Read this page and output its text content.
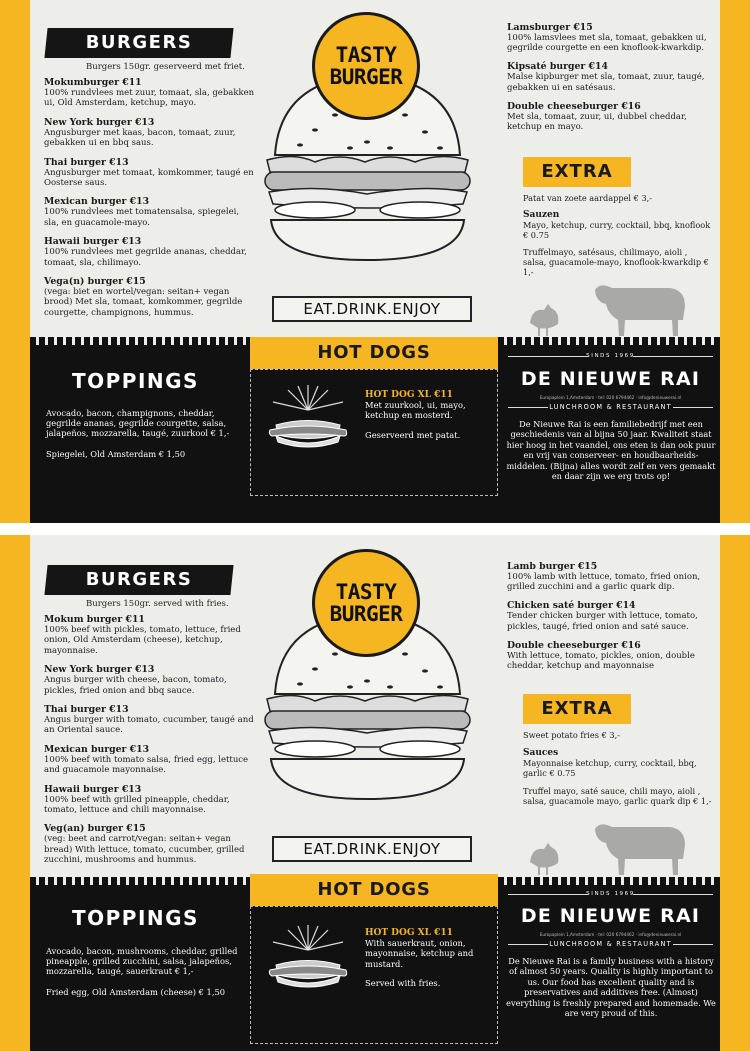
BURGERS
Burgers 150gr. geserveerd met friet.
Mokumburger €11

100% rundvlees met zuur, tomaat, sla, gebakken ui, Old Amsterdam, ketchup, mayo.

New York burger €13

Angusburger met kaas, bacon, tomaat, zuur, gebakken ui en bbq saus.

Thai burger €13

Angusburger met tomaat, komkommer, taugé en Oosterse saus.

Mexican burger €13

100% rundvlees met tomatensalsa, spiegelei, sla, en guacamole-mayo.

Hawaii burger €13

100% rundvlees met gegrilde ananas, cheddar, tomaat, sla, chilimayo.

Vega(n) burger €15

(vega: biet en wortel/vegan: seitan+ vegan brood) Met sla, tomaat, komkommer, gegrilde courgette, champignons, hummus.

TASTY
BURGER
EAT.DRINK.ENJOY
Lamsburger €15

100% lamsvlees met sla, tomaat, gebakken ui, gegrilde courgette en een knoflook-kwarkdip.

Kipsaté burger €14

Malse kipburger met sla, tomaat, zuur, taugé, gebakken ui en satésaus.

Double cheeseburger €16

Met sla, tomaat, zuur, ui, dubbel cheddar, ketchup en mayo.

EXTRA

Patat van zoete aardappel € 3,-

Sauzen

Mayo, ketchup, curry, cocktail, bbq, knoflook € 0.75

Truffelmayo, satésaus, chilimayo, aioli , salsa, guacamole-mayo, knoflook-kwarkdip € 1,-

HOT DOGS
HOT DOG XL €11

Met zuurkool, ui, mayo, ketchup en mosterd.

Geserveerd met patat.

TOPPINGS

Avocado, bacon, champignons, cheddar, gegrilde ananas, gegrilde courgette, salsa, jalapeños, mozzarella, taugé, zuurkool € 1,-

Spiegelei, Old Amsterdam € 1,50

SINDS 1969
DE NIEUWE RAI
Europaplein 1,Amsterdam · tel: 020 6794462 · info@denieuwerai.nl
LUNCHROOM & RESTAURANT
De Nieuwe Rai is een familiebedrijf met een geschiedenis van al bijna 50 jaar. Kwaliteit staat hier hoog in het vaandel, ons eten is dan ook puur en vrij van conserveer- en houdbaarheids-middelen. (Bijna) alles wordt zelf en vers gemaakt en daar zijn we erg trots op!
BURGERS
Burgers 150gr. served with fries.
Mokum burger €11

100% beef with pickles, tomato, lettuce, fried onion, Old Amsterdam (cheese), ketchup, mayonnaise.

New York burger €13

Angus burger with cheese, bacon, tomato, pickles, fried onion and bbq sauce.

Thai burger €13

Angus burger with tomato, cucumber, taugé and an Oriental sauce.

Mexican burger €13

100% beef with tomato salsa, fried egg, lettuce and guacamole mayonnaise.

Hawaii burger €13

100% beef with grilled pineapple, cheddar, tomato, lettuce and chili mayonnaise.

Veg(an) burger €15

(veg: beet and carrot/vegan: seitan+ vegan bread) With lettuce, tomato, cucumber, grilled zucchini, mushrooms and hummus.

TASTY
BURGER
EAT.DRINK.ENJOY
Lamb burger €15

100% lamb with lettuce, tomato, fried onion, grilled zucchini and a garlic quark dip.

Chicken saté burger €14

Tender chicken burger with lettuce, tomato, pickles, taugé, fried onion and saté sauce.

Double cheeseburger €16

With lettuce, tomato, pickles, onion, double cheddar, ketchup and mayonnaise

EXTRA

Sweet potato fries € 3,-

Sauces

Mayonnaise ketchup, curry, cocktail, bbq, garlic € 0.75

Truffel mayo, saté sauce, chili mayo, aioli , salsa, guacamole mayo, garlic quark dip € 1,-

HOT DOGS
HOT DOG XL €11

With sauerkraut, onion, mayonnaise, ketchup and mustard.

Served with fries.

TOPPINGS

Avocado, bacon, mushrooms, cheddar, grilled pineapple, grilled zucchini, salsa, jalapeños, mozzarella, taugé, sauerkraut € 1,-

Fried egg, Old Amsterdam (cheese) € 1,50

SINDS 1969
DE NIEUWE RAI
Europaplein 1,Amsterdam · tel: 020 6794462 · info@denieuwerai.nl
LUNCHROOM & RESTAURANT
De Nieuwe Rai is a family business with a history of almost 50 years. Quality is highly important to us. Our food has excellent quality and is preservatives and additives free. (Almost) everything is freshly prepared and homemade. We are very proud of this.
